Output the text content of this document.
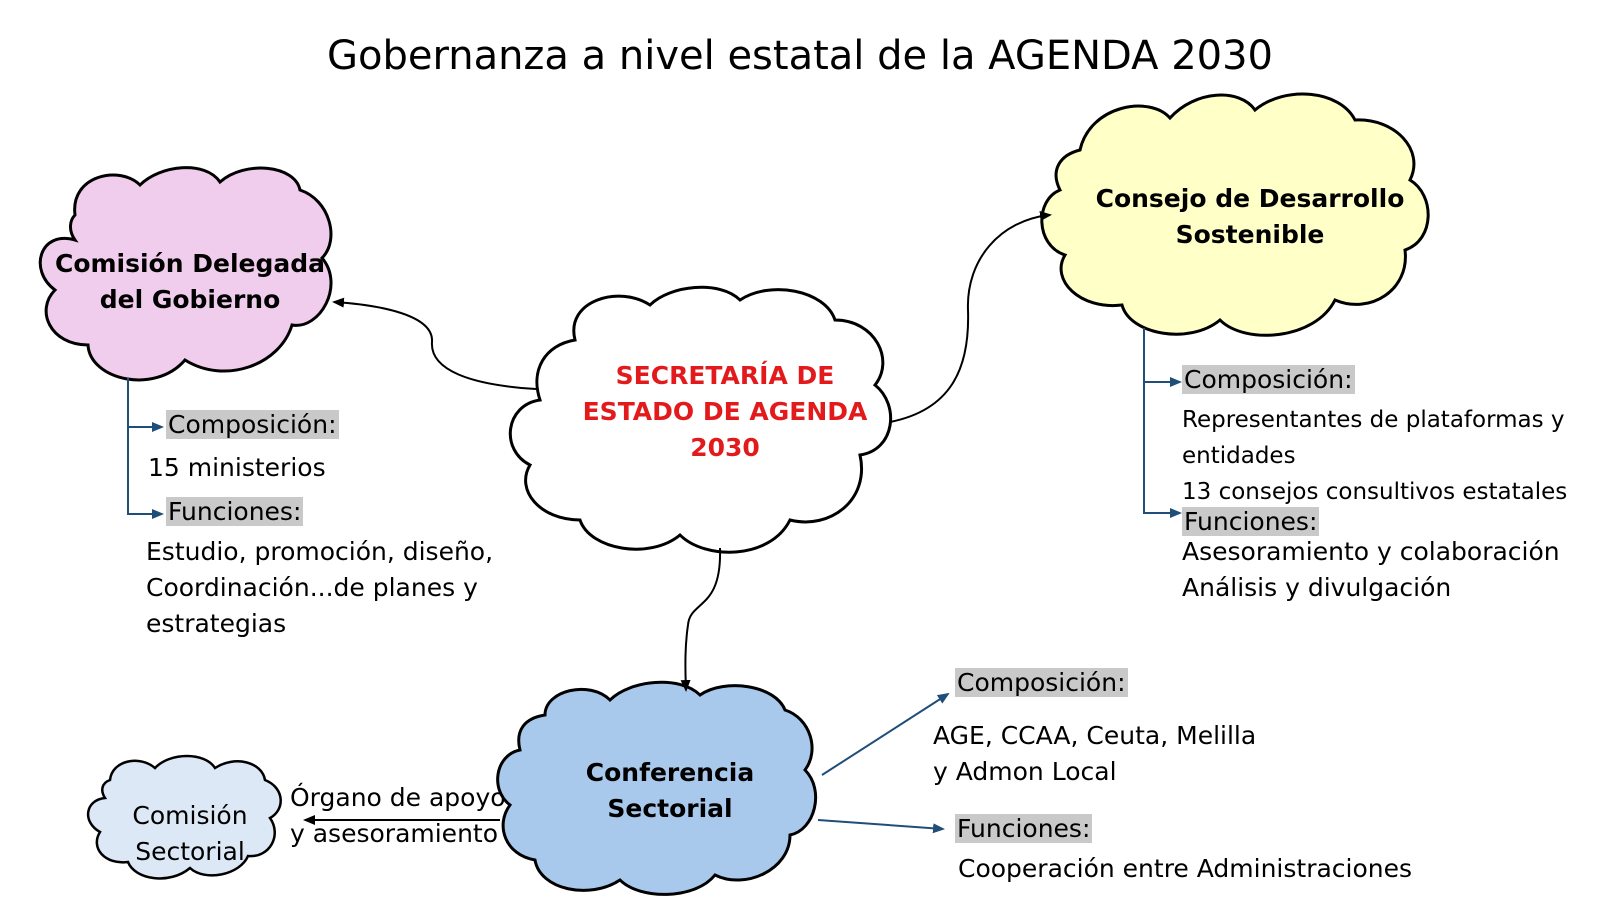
Gobernanza a nivel estatal de la AGENDA 2030
SECRETARÍA DE
ESTADO DE AGENDA
2030
Comisión Delegada
del Gobierno
Consejo de Desarrollo
Sostenible
Conferencia
Sectorial
Comisión
Sectorial
Composición:
15 ministerios
Funciones:
Estudio, promoción, diseño,
Coordinación...de planes y
estrategias
Composición:
Representantes de plataformas y
entidades
13 consejos consultivos estatales
Funciones:
Asesoramiento y colaboración
Análisis y divulgación
Composición:
AGE, CCAA, Ceuta, Melilla
y Admon Local
Funciones:
Cooperación entre Administraciones
Órgano de apoyo
y asesoramiento
